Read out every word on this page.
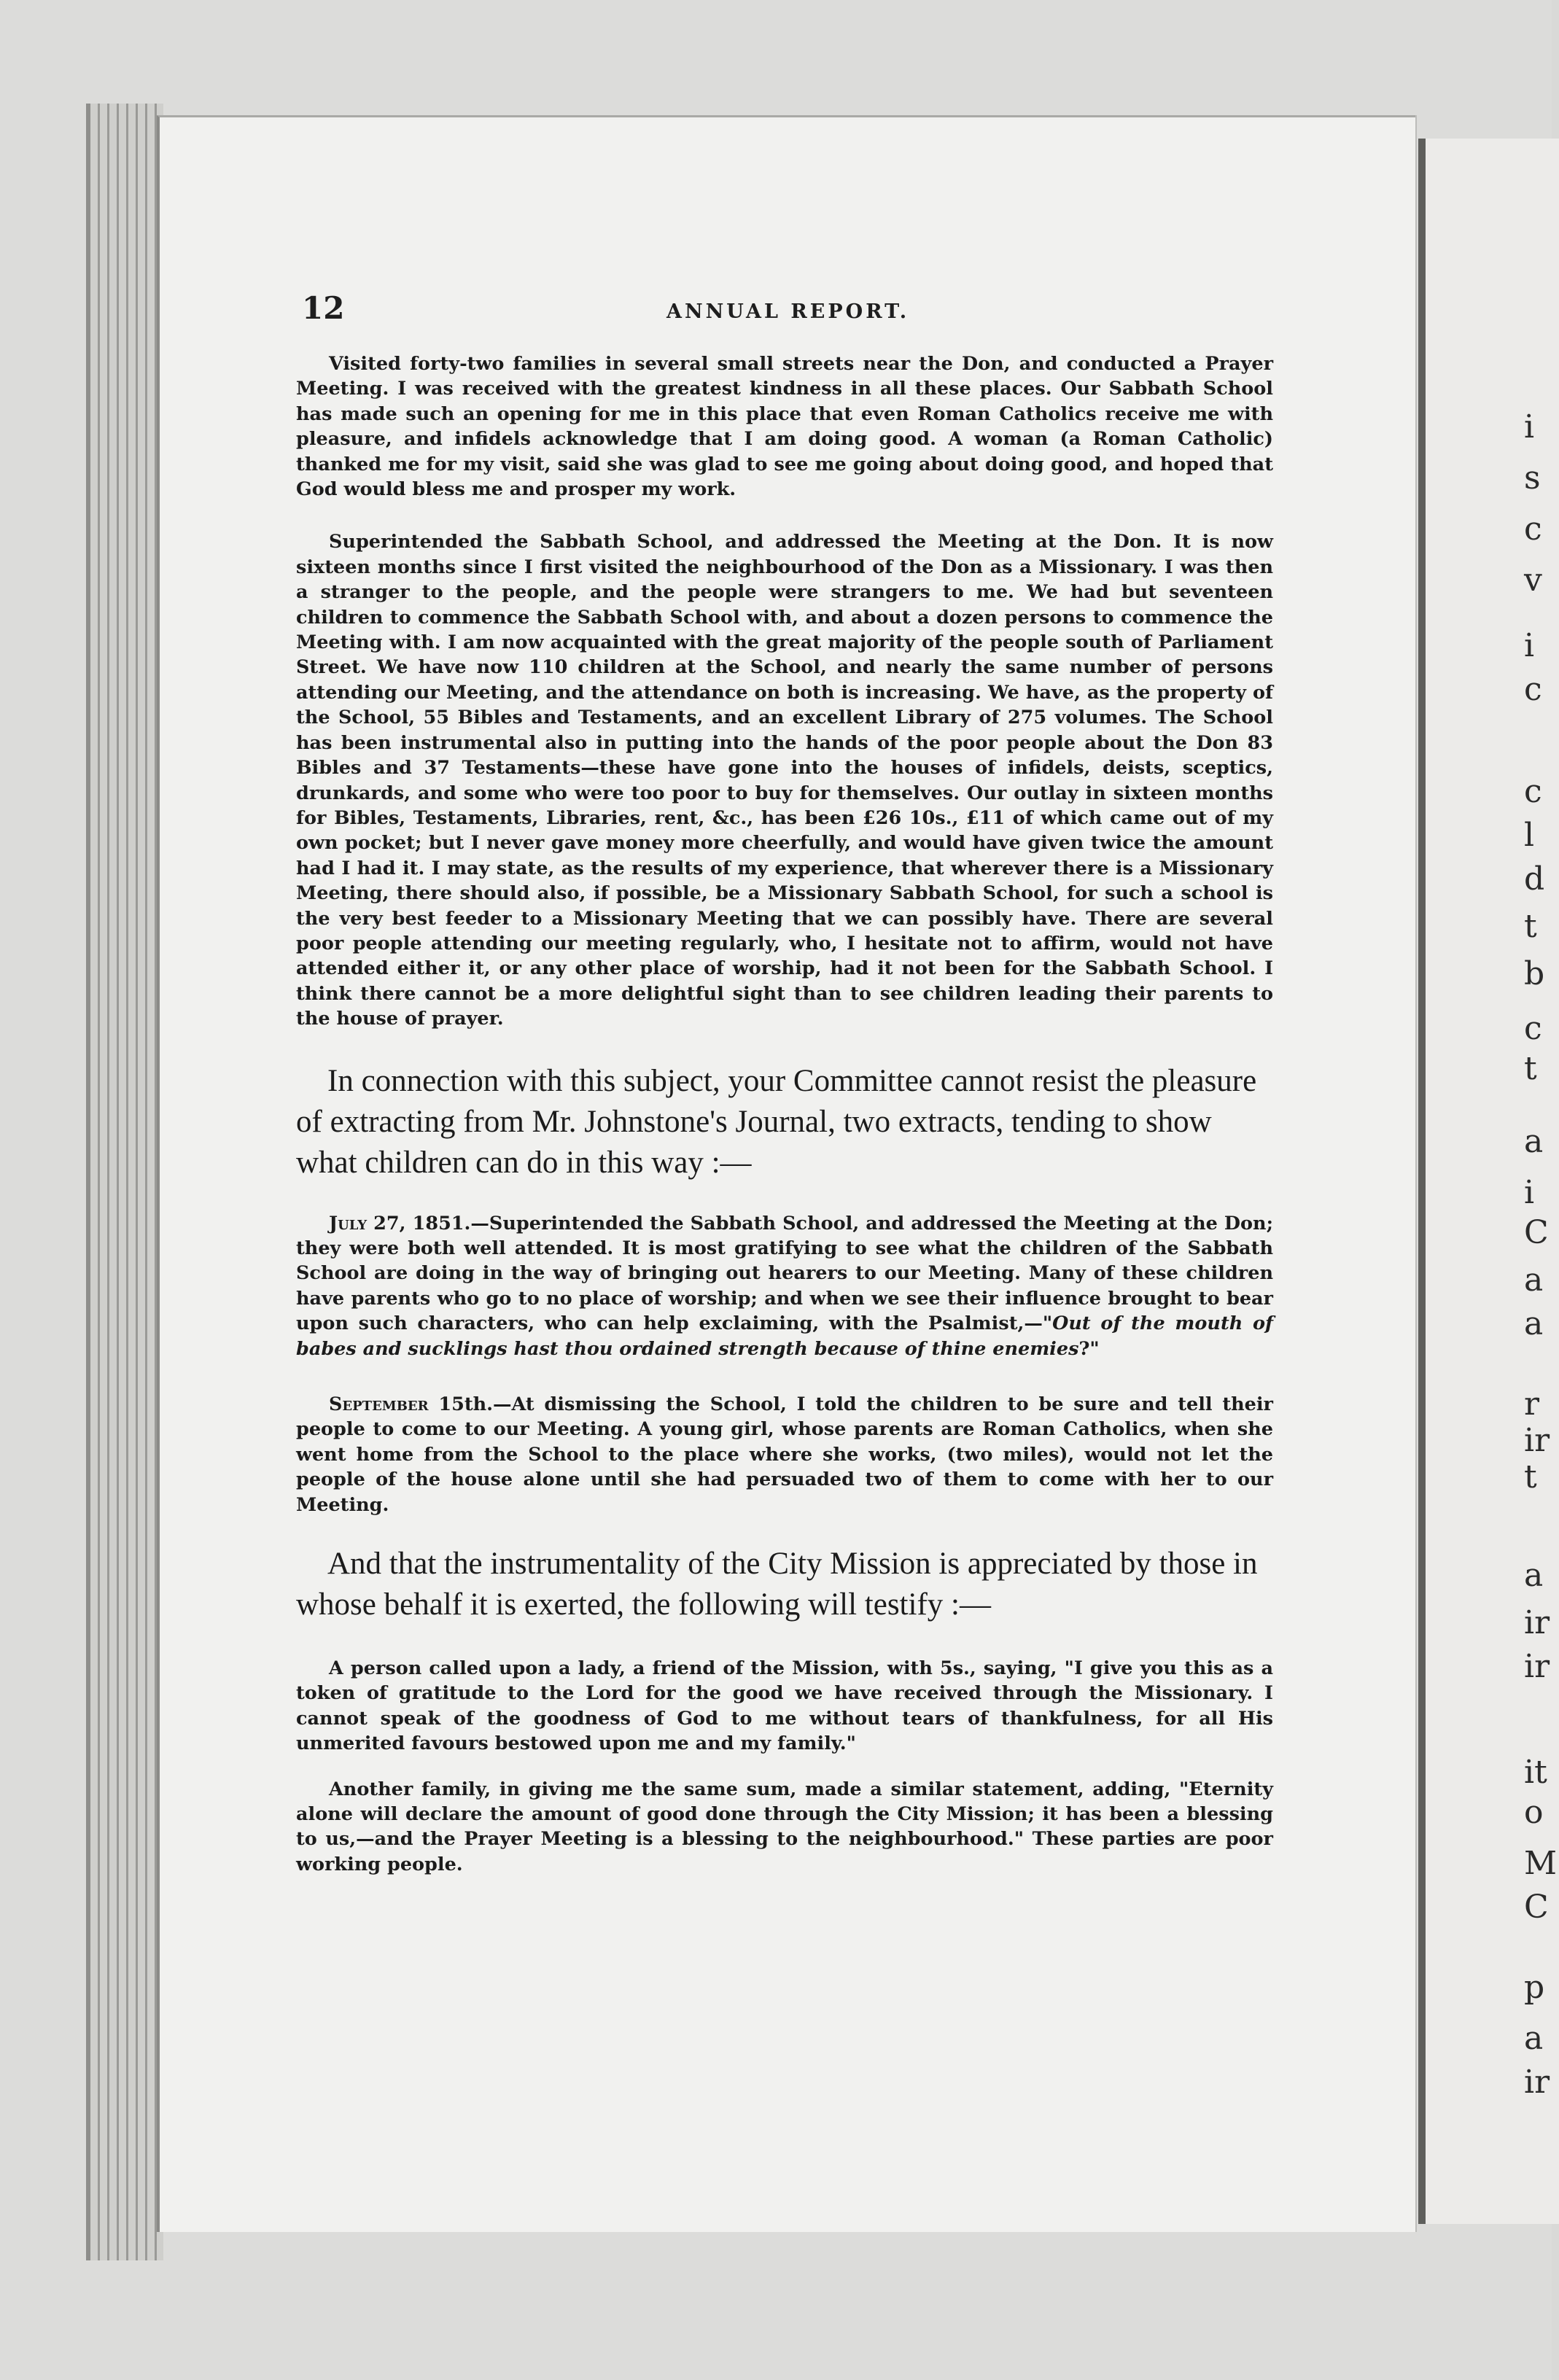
12	ANNUAL REPORT.

Visited forty-two families in several small streets near the Don, and conducted a Prayer Meeting. I was received with the greatest kindness in all these places. Our Sabbath School has made such an opening for me in this place that even Roman Catholics receive me with pleasure, and infidels acknowledge that I am doing good. A woman (a Roman Catholic) thanked me for my visit, said she was glad to see me going about doing good, and hoped that God would bless me and prosper my work.

Superintended the Sabbath School, and addressed the Meeting at the Don. It is now sixteen months since I first visited the neighbourhood of the Don as a Missionary. I was then a stranger to the people, and the people were strangers to me. We had but seventeen children to commence the Sabbath School with, and about a dozen persons to commence the Meeting with. I am now acquainted with the great majority of the people south of Parliament Street. We have now 110 children at the School, and nearly the same number of persons attending our Meeting, and the attendance on both is increasing. We have, as the property of the School, 55 Bibles and Testaments, and an excellent Library of 275 volumes. The School has been instrumental also in putting into the hands of the poor people about the Don 83 Bibles and 37 Testaments—these have gone into the houses of infidels, deists, sceptics, drunkards, and some who were too poor to buy for themselves. Our outlay in sixteen months for Bibles, Testaments, Libraries, rent, &c., has been £26 10s., £11 of which came out of my own pocket; but I never gave money more cheerfully, and would have given twice the amount had I had it. I may state, as the results of my experience, that wherever there is a Missionary Meeting, there should also, if possible, be a Missionary Sabbath School, for such a school is the very best feeder to a Missionary Meeting that we can possibly have. There are several poor people attending our meeting regularly, who, I hesitate not to affirm, would not have attended either it, or any other place of worship, had it not been for the Sabbath School. I think there cannot be a more delightful sight than to see children leading their parents to the house of prayer.

In connection with this subject, your Committee cannot resist the pleasure of extracting from Mr. Johnstone's Journal, two extracts, tending to show what children can do in this way :—

July 27, 1851.—Superintended the Sabbath School, and addressed the Meeting at the Don; they were both well attended. It is most gratifying to see what the children of the Sabbath School are doing in the way of bringing out hearers to our Meeting. Many of these children have parents who go to no place of worship; and when we see their influence brought to bear upon such characters, who can help exclaiming, with the Psalmist,—"Out of the mouth of babes and sucklings hast thou ordained strength because of thine enemies?"

September 15th.—At dismissing the School, I told the children to be sure and tell their people to come to our Meeting. A young girl, whose parents are Roman Catholics, when she went home from the School to the place where she works, (two miles), would not let the people of the house alone until she had persuaded two of them to come with her to our Meeting.

And that the instrumentality of the City Mission is appreciated by those in whose behalf it is exerted, the following will testify :—

A person called upon a lady, a friend of the Mission, with 5s., saying, "I give you this as a token of gratitude to the Lord for the good we have received through the Missionary. I cannot speak of the goodness of God to me without tears of thankfulness, for all His unmerited favours bestowed upon me and my family."

Another family, in giving me the same sum, made a similar statement, adding, "Eternity alone will declare the amount of good done through the City Mission; it has been a blessing to us,—and the Prayer Meeting is a blessing to the neighbourhood." These parties are poor working people.

i
s
c
v
i
c
c
l
d
t
b
c
t
a
i
C
a
a
r
ir
t
a
ir
ir
it
o
M
C
p
a
ir
